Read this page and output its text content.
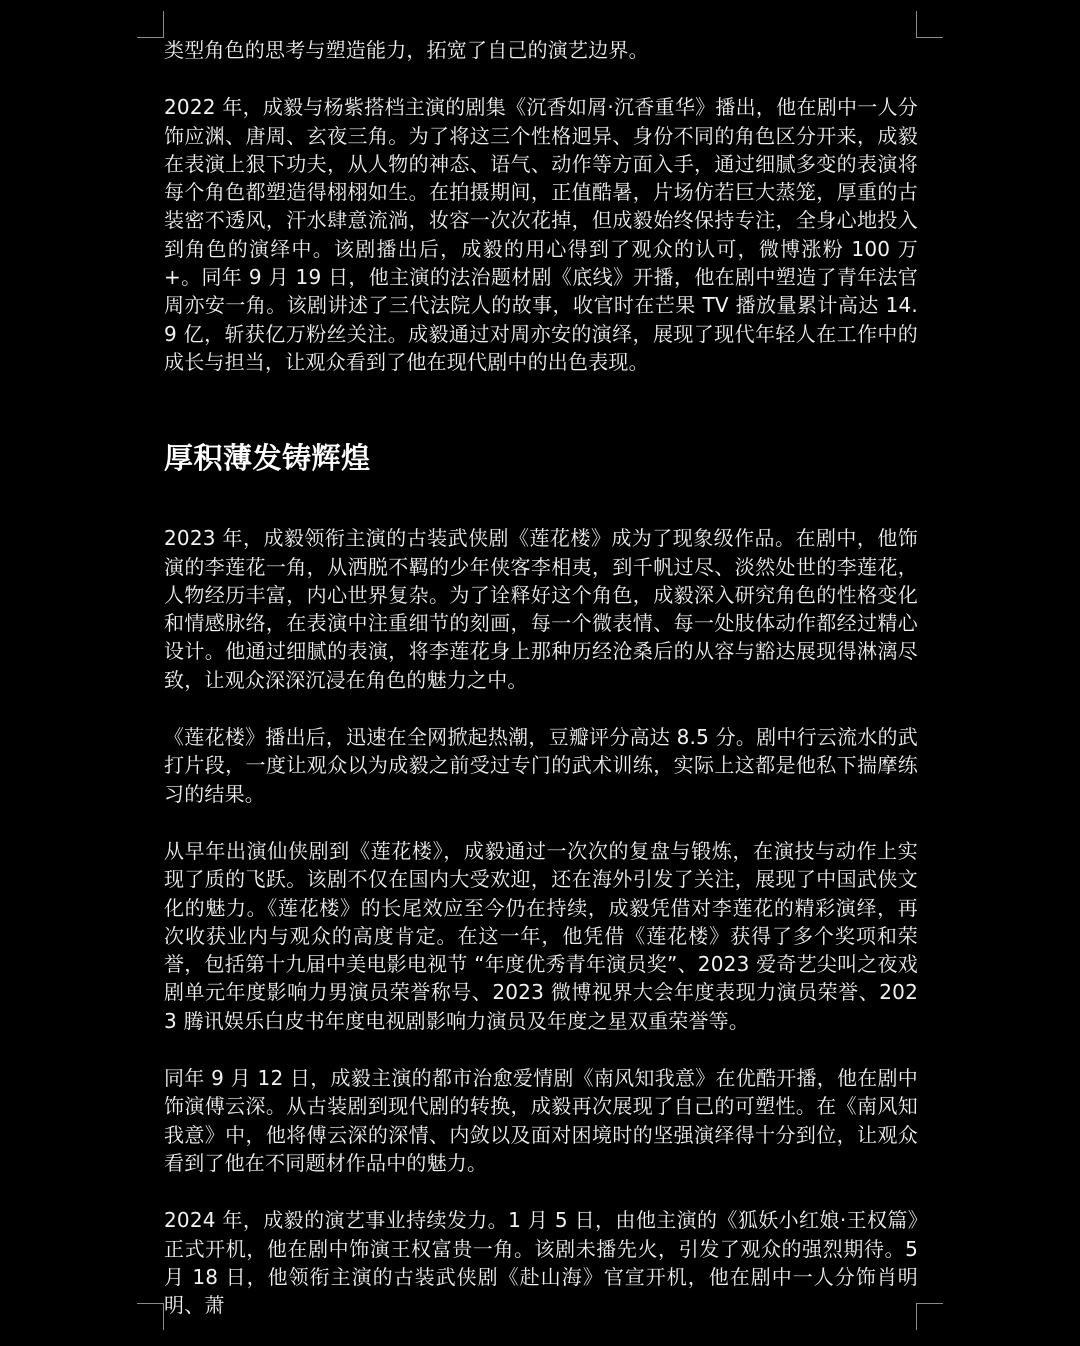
类型角色的思考与塑造能力，拓宽了自己的演艺边界。

2022 年，成毅与杨紫搭档主演的剧集《沉香如屑·沉香重华》播出，他在剧中一人分饰应渊、唐周、玄夜三角。为了将这三个性格迥异、身份不同的角色区分开来，成毅在表演上狠下功夫，从人物的神态、语气、动作等方面入手，通过细腻多变的表演将每个角色都塑造得栩栩如生。在拍摄期间，正值酷暑，片场仿若巨大蒸笼，厚重的古装密不透风，汗水肆意流淌，妆容一次次花掉，但成毅始终保持专注，全身心地投入到角色的演绎中。该剧播出后，成毅的用心得到了观众的认可，微博涨粉 100 万 +。同年 9 月 19 日，他主演的法治题材剧《底线》开播，他在剧中塑造了青年法官周亦安一角。该剧讲述了三代法院人的故事，收官时在芒果 TV 播放量累计高达 14.9 亿，斩获亿万粉丝关注。成毅通过对周亦安的演绎，展现了现代年轻人在工作中的成长与担当，让观众看到了他在现代剧中的出色表现。

厚积薄发铸辉煌

2023 年，成毅领衔主演的古装武侠剧《莲花楼》成为了现象级作品。在剧中，他饰演的李莲花一角，从洒脱不羁的少年侠客李相夷，到千帆过尽、淡然处世的李莲花，人物经历丰富，内心世界复杂。为了诠释好这个角色，成毅深入研究角色的性格变化和情感脉络，在表演中注重细节的刻画，每一个微表情、每一处肢体动作都经过精心设计。他通过细腻的表演，将李莲花身上那种历经沧桑后的从容与豁达展现得淋漓尽致，让观众深深沉浸在角色的魅力之中。

《莲花楼》播出后，迅速在全网掀起热潮，豆瓣评分高达 8.5 分。剧中行云流水的武打片段，一度让观众以为成毅之前受过专门的武术训练，实际上这都是他私下揣摩练习的结果。

从早年出演仙侠剧到《莲花楼》，成毅通过一次次的复盘与锻炼，在演技与动作上实现了质的飞跃。该剧不仅在国内大受欢迎，还在海外引发了关注，展现了中国武侠文化的魅力。《莲花楼》的长尾效应至今仍在持续，成毅凭借对李莲花的精彩演绎，再次收获业内与观众的高度肯定。在这一年，他凭借《莲花楼》获得了多个奖项和荣誉，包括第十九届中美电影电视节 “年度优秀青年演员奖”、2023 爱奇艺尖叫之夜戏剧单元年度影响力男演员荣誉称号、2023 微博视界大会年度表现力演员荣誉、2023 腾讯娱乐白皮书年度电视剧影响力演员及年度之星双重荣誉等。

同年 9 月 12 日，成毅主演的都市治愈爱情剧《南风知我意》在优酷开播，他在剧中饰演傅云深。从古装剧到现代剧的转换，成毅再次展现了自己的可塑性。在《南风知我意》中，他将傅云深的深情、内敛以及面对困境时的坚强演绎得十分到位，让观众看到了他在不同题材作品中的魅力。

2024 年，成毅的演艺事业持续发力。1 月 5 日，由他主演的《狐妖小红娘·王权篇》正式开机，他在剧中饰演王权富贵一角。该剧未播先火，引发了观众的强烈期待。5 月 18 日，他领衔主演的古装武侠剧《赴山海》官宣开机，他在剧中一人分饰肖明明、萧
